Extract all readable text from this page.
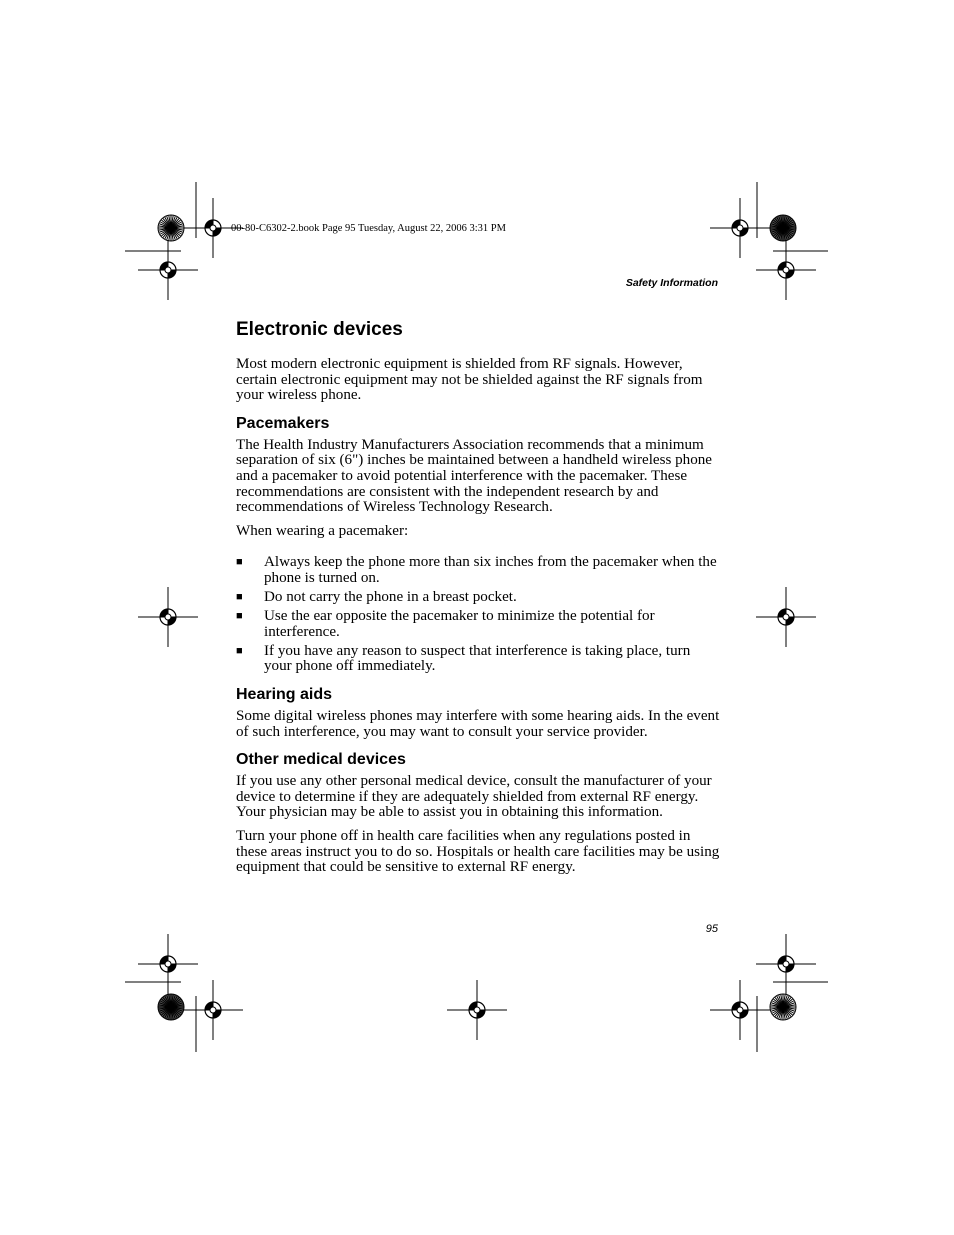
00-80-C6302-2.book Page 95 Tuesday, August 22, 2006 3:31 PM
Safety Information
Electronic devices

Most modern electronic equipment is shielded from RF signals. However, certain electronic equipment may not be shielded against the RF signals from your wireless phone.

Pacemakers

The Health Industry Manufacturers Association recommends that a minimum separation of six (6") inches be maintained between a handheld wireless phone and a pacemaker to avoid potential interference with the pacemaker. These recommendations are consistent with the independent research by and recommendations of Wireless Technology Research.

When wearing a pacemaker:

■ Always keep the phone more than six inches from the pacemaker when the phone is turned on.
■ Do not carry the phone in a breast pocket.
■ Use the ear opposite the pacemaker to minimize the potential for interference.
■ If you have any reason to suspect that interference is taking place, turn your phone off immediately.
Hearing aids

Some digital wireless phones may interfere with some hearing aids. In the event of such interference, you may want to consult your service provider.

Other medical devices

If you use any other personal medical device, consult the manufacturer of your device to determine if they are adequately shielded from external RF energy. Your physician may be able to assist you in obtaining this information.

Turn your phone off in health care facilities when any regulations posted in these areas instruct you to do so. Hospitals or health care facilities may be using equipment that could be sensitive to external RF energy.

95
